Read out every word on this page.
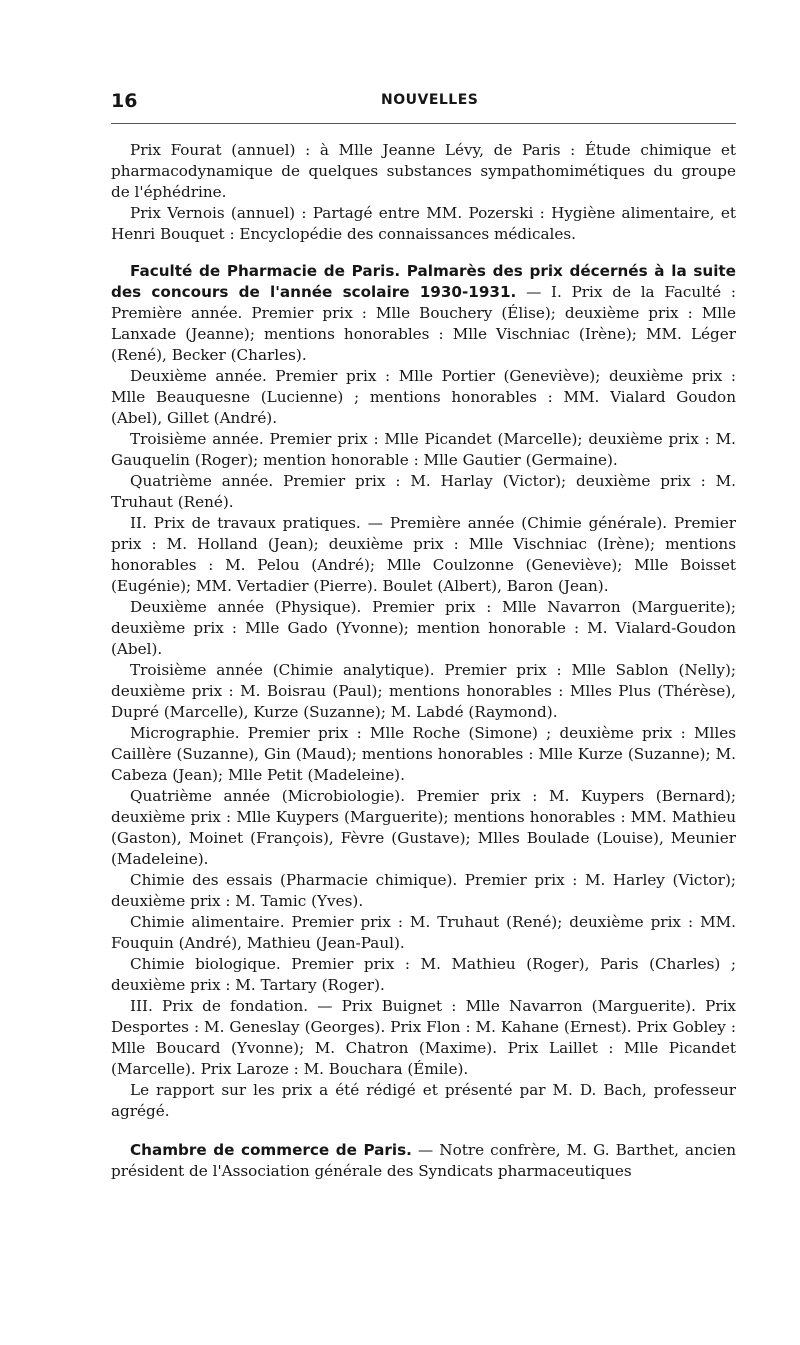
16	NOUVELLES

Prix Fourat (annuel) : à Mlle Jeanne Lévy, de Paris : Étude chimique et pharmacodynamique de quelques substances sympathomimétiques du groupe de l'éphédrine.

Prix Vernois (annuel) : Partagé entre MM. Pozerski : Hygiène alimentaire, et Henri Bouquet : Encyclopédie des connaissances médicales.

Faculté de Pharmacie de Paris. Palmarès des prix décernés à la suite des concours de l'année scolaire 1930-1931. — I. Prix de la Faculté : Première année. Premier prix : Mlle Bouchery (Élise); deuxième prix : Mlle Lanxade (Jeanne); mentions honorables : Mlle Vischniac (Irène); MM. Léger (René), Becker (Charles).

Deuxième année. Premier prix : Mlle Portier (Geneviève); deuxième prix : Mlle Beauquesne (Lucienne) ; mentions honorables : MM. Vialard Goudon (Abel), Gillet (André).

Troisième année. Premier prix : Mlle Picandet (Marcelle); deuxième prix : M. Gauquelin (Roger); mention honorable : Mlle Gautier (Germaine).

Quatrième année. Premier prix : M. Harlay (Victor); deuxième prix : M. Truhaut (René).

II. Prix de travaux pratiques. — Première année (Chimie générale). Premier prix : M. Holland (Jean); deuxième prix : Mlle Vischniac (Irène); mentions honorables : M. Pelou (André); Mlle Coulzonne (Geneviève); Mlle Boisset (Eugénie); MM. Vertadier (Pierre). Boulet (Albert), Baron (Jean).

Deuxième année (Physique). Premier prix : Mlle Navarron (Marguerite); deuxième prix : Mlle Gado (Yvonne); mention honorable : M. Vialard-Goudon (Abel).

Troisième année (Chimie analytique). Premier prix : Mlle Sablon (Nelly); deuxième prix : M. Boisrau (Paul); mentions honorables : Mlles Plus (Thérèse), Dupré (Marcelle), Kurze (Suzanne); M. Labdé (Raymond).

Micrographie. Premier prix : Mlle Roche (Simone) ; deuxième prix : Mlles Caillère (Suzanne), Gin (Maud); mentions honorables : Mlle Kurze (Suzanne); M. Cabeza (Jean); Mlle Petit (Madeleine).

Quatrième année (Microbiologie). Premier prix : M. Kuypers (Bernard); deuxième prix : Mlle Kuypers (Marguerite); mentions honorables : MM. Mathieu (Gaston), Moinet (François), Fèvre (Gustave); Mlles Boulade (Louise), Meunier (Madeleine).

Chimie des essais (Pharmacie chimique). Premier prix : M. Harley (Victor); deuxième prix : M. Tamic (Yves).

Chimie alimentaire. Premier prix : M. Truhaut (René); deuxième prix : MM. Fouquin (André), Mathieu (Jean-Paul).

Chimie biologique. Premier prix : M. Mathieu (Roger), Paris (Charles) ; deuxième prix : M. Tartary (Roger).

III. Prix de fondation. — Prix Buignet : Mlle Navarron (Marguerite). Prix Desportes : M. Geneslay (Georges). Prix Flon : M. Kahane (Ernest). Prix Gobley : Mlle Boucard (Yvonne); M. Chatron (Maxime). Prix Laillet : Mlle Picandet (Marcelle). Prix Laroze : M. Bouchara (Émile).

Le rapport sur les prix a été rédigé et présenté par M. D. Bach, professeur agrégé.

Chambre de commerce de Paris. — Notre confrère, M. G. Barthet, ancien président de l'Association générale des Syndicats pharmaceutiques
